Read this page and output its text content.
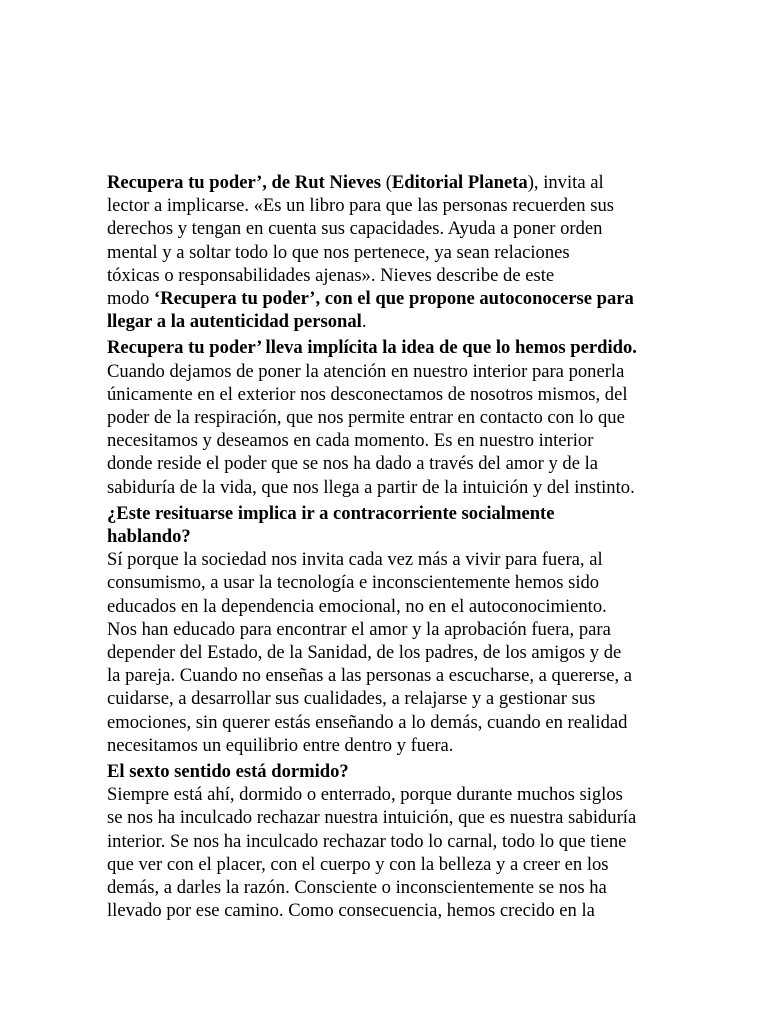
Recupera tu poder’, de Rut Nieves (Editorial Planeta), invita al
lector a implicarse. «Es un libro para que las personas recuerden sus
derechos y tengan en cuenta sus capacidades. Ayuda a poner orden
mental y a soltar todo lo que nos pertenece, ya sean relaciones
tóxicas o responsabilidades ajenas». Nieves describe de este
modo ‘Recupera tu poder’, con el que propone autoconocerse para
llegar a la autenticidad personal.

Recupera tu poder’ lleva implícita la idea de que lo hemos perdido.
Cuando dejamos de poner la atención en nuestro interior para ponerla
únicamente en el exterior nos desconectamos de nosotros mismos, del
poder de la respiración, que nos permite entrar en contacto con lo que
necesitamos y deseamos en cada momento. Es en nuestro interior
donde reside el poder que se nos ha dado a través del amor y de la
sabiduría de la vida, que nos llega a partir de la intuición y del instinto.

¿Este resituarse implica ir a contracorriente socialmente
hablando?
Sí porque la sociedad nos invita cada vez más a vivir para fuera, al
consumismo, a usar la tecnología e inconscientemente hemos sido
educados en la dependencia emocional, no en el autoconocimiento.
Nos han educado para encontrar el amor y la aprobación fuera, para
depender del Estado, de la Sanidad, de los padres, de los amigos y de
la pareja. Cuando no enseñas a las personas a escucharse, a quererse, a
cuidarse, a desarrollar sus cualidades, a relajarse y a gestionar sus
emociones, sin querer estás enseñando a lo demás, cuando en realidad
necesitamos un equilibrio entre dentro y fuera.

El sexto sentido está dormido?
Siempre está ahí, dormido o enterrado, porque durante muchos siglos
se nos ha inculcado rechazar nuestra intuición, que es nuestra sabiduría
interior. Se nos ha inculcado rechazar todo lo carnal, todo lo que tiene
que ver con el placer, con el cuerpo y con la belleza y a creer en los
demás, a darles la razón. Consciente o inconscientemente se nos ha
llevado por ese camino. Como consecuencia, hemos crecido en la
